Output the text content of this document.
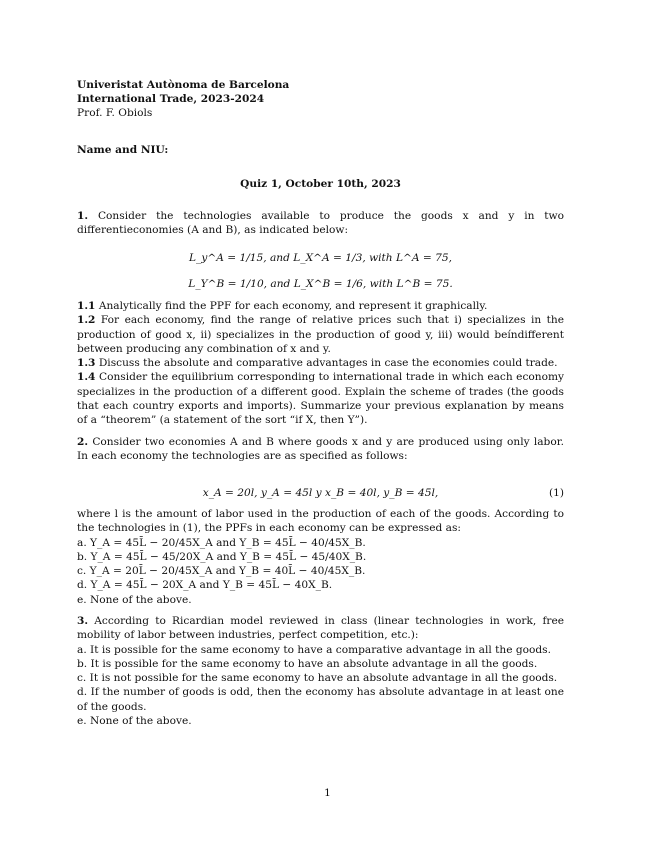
Univeristat Autònoma de Barcelona
International Trade, 2023-2024
Prof. F. Obiols
Name and NIU:
Quiz 1, October 10th, 2023
1. Consider the technologies available to produce the goods x and y in two differentieconomies (A and B), as indicated below:
L_y^A = 1/15, and L_X^A = 1/3, with L^A = 75,
L_Y^B = 1/10, and L_X^B = 1/6, with L^B = 75.
1.1 Analytically find the PPF for each economy, and represent it graphically.
1.2 For each economy, find the range of relative prices such that i) specializes in the production of good x, ii) specializes in the production of good y, iii) would beíndifferent between producing any combination of x and y.
1.3 Discuss the absolute and comparative advantages in case the economies could trade.
1.4 Consider the equilibrium corresponding to international trade in which each economy specializes in the production of a different good. Explain the scheme of trades (the goods that each country exports and imports). Summarize your previous explanation by means of a “theorem” (a statement of the sort “if X, then Y”).
2. Consider two economies A and B where goods x and y are produced using only labor. In each economy the technologies are as specified as follows:
x_A = 20l, y_A = 45l y x_B = 40l, y_B = 45l,	(1)
where l is the amount of labor used in the production of each of the goods. According to the technologies in (1), the PPFs in each economy can be expressed as:
a. Y_A = 45L̄ − 20/45X_A and Y_B = 45L̄ − 40/45X_B.
b. Y_A = 45L̄ − 45/20X_A and Y_B = 45L̄ − 45/40X_B.
c. Y_A = 20L̄ − 20/45X_A and Y_B = 40L̄ − 40/45X_B.
d. Y_A = 45L̄ − 20X_A and Y_B = 45L̄ − 40X_B.
e. None of the above.
3. According to Ricardian model reviewed in class (linear technologies in work, free mobility of labor between industries, perfect competition, etc.):
a. It is possible for the same economy to have a comparative advantage in all the goods.
b. It is possible for the same economy to have an absolute advantage in all the goods.
c. It is not possible for the same economy to have an absolute advantage in all the goods.
d. If the number of goods is odd, then the economy has absolute advantage in at least one of the goods.
e. None of the above.
1
